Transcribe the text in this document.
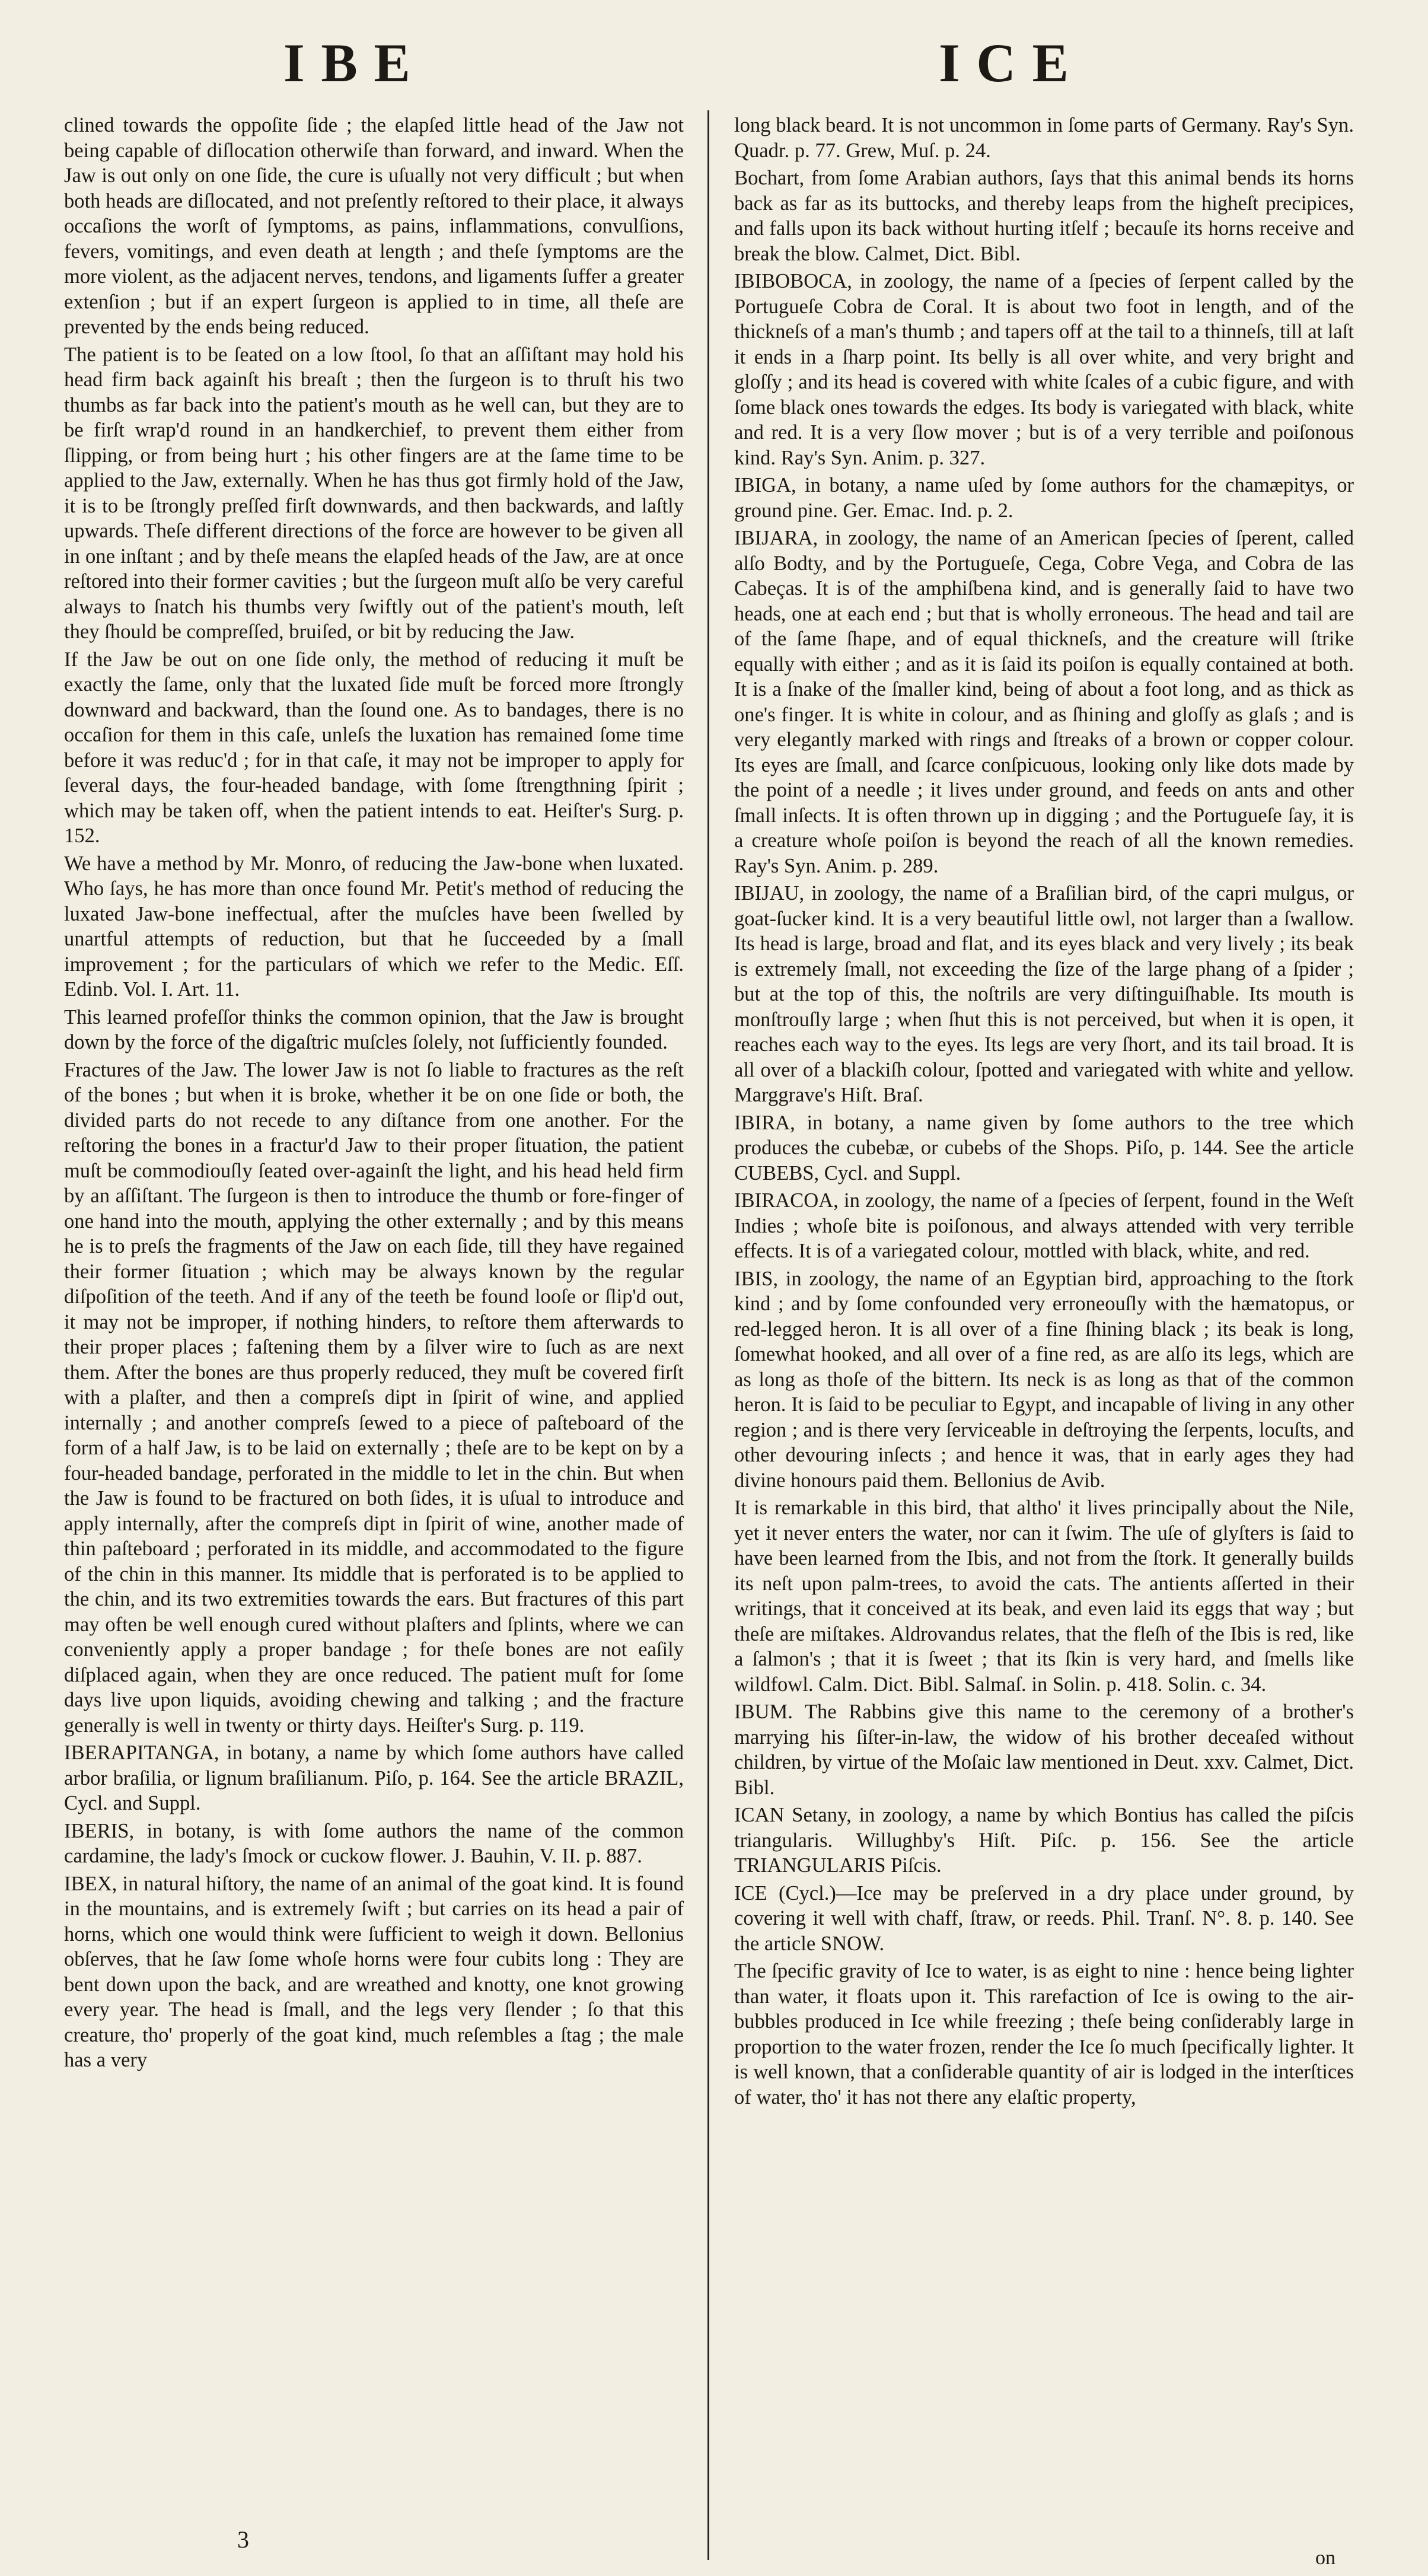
IBE	ICE

clined towards the oppoſite ſide ; the elapſed little head of the Jaw not being capable of diſlocation otherwiſe than forward, and inward. When the Jaw is out only on one ſide, the cure is uſually not very difficult ; but when both heads are diſlocated, and not preſently reſtored to their place, it always occaſions the worſt of ſymptoms, as pains, inflammations, convulſions, fevers, vomitings, and even death at length ; and theſe ſymptoms are the more violent, as the adjacent nerves, tendons, and ligaments ſuffer a greater extenſion ; but if an expert ſurgeon is applied to in time, all theſe are prevented by the ends being reduced.

The patient is to be ſeated on a low ſtool, ſo that an aſſiſtant may hold his head firm back againſt his breaſt ; then the ſurgeon is to thruſt his two thumbs as far back into the patient's mouth as he well can, but they are to be firſt wrap'd round in an handkerchief, to prevent them either from ſlipping, or from being hurt ; his other fingers are at the ſame time to be applied to the Jaw, externally. When he has thus got firmly hold of the Jaw, it is to be ſtrongly preſſed firſt downwards, and then backwards, and laſtly upwards. Theſe different directions of the force are however to be given all in one inſtant ; and by theſe means the elapſed heads of the Jaw, are at once reſtored into their former cavities ; but the ſurgeon muſt alſo be very careful always to ſnatch his thumbs very ſwiftly out of the patient's mouth, leſt they ſhould be compreſſed, bruiſed, or bit by reducing the Jaw.

If the Jaw be out on one ſide only, the method of reducing it muſt be exactly the ſame, only that the luxated ſide muſt be forced more ſtrongly downward and backward, than the ſound one. As to bandages, there is no occaſion for them in this caſe, unleſs the luxation has remained ſome time before it was reduc'd ; for in that caſe, it may not be improper to apply for ſeveral days, the four-headed bandage, with ſome ſtrengthning ſpirit ; which may be taken off, when the patient intends to eat. Heiſter's Surg. p. 152.

We have a method by Mr. Monro, of reducing the Jaw-bone when luxated. Who ſays, he has more than once found Mr. Petit's method of reducing the luxated Jaw-bone ineffectual, after the muſcles have been ſwelled by unartful attempts of reduction, but that he ſucceeded by a ſmall improvement ; for the particulars of which we refer to the Medic. Eſſ. Edinb. Vol. I. Art. 11.

This learned profeſſor thinks the common opinion, that the Jaw is brought down by the force of the digaſtric muſcles ſolely, not ſufficiently founded.

Fractures of the Jaw. The lower Jaw is not ſo liable to fractures as the reſt of the bones ; but when it is broke, whether it be on one ſide or both, the divided parts do not recede to any diſtance from one another. For the reſtoring the bones in a fractur'd Jaw to their proper ſituation, the patient muſt be commodiouſly ſeated over-againſt the light, and his head held firm by an aſſiſtant. The ſurgeon is then to introduce the thumb or fore-finger of one hand into the mouth, applying the other externally ; and by this means he is to preſs the fragments of the Jaw on each ſide, till they have regained their former ſituation ; which may be always known by the regular diſpoſition of the teeth. And if any of the teeth be found looſe or ſlip'd out, it may not be improper, if nothing hinders, to reſtore them afterwards to their proper places ; faſtening them by a ſilver wire to ſuch as are next them. After the bones are thus properly reduced, they muſt be covered firſt with a plaſter, and then a compreſs dipt in ſpirit of wine, and applied internally ; and another compreſs ſewed to a piece of paſteboard of the form of a half Jaw, is to be laid on externally ; theſe are to be kept on by a four-headed bandage, perforated in the middle to let in the chin. But when the Jaw is found to be fractured on both ſides, it is uſual to introduce and apply internally, after the compreſs dipt in ſpirit of wine, another made of thin paſteboard ; perforated in its middle, and accommodated to the figure of the chin in this manner. Its middle that is perforated is to be applied to the chin, and its two extremities towards the ears. But fractures of this part may often be well enough cured without plaſters and ſplints, where we can conveniently apply a proper bandage ; for theſe bones are not eaſily diſplaced again, when they are once reduced. The patient muſt for ſome days live upon liquids, avoiding chewing and talking ; and the fracture generally is well in twenty or thirty days. Heiſter's Surg. p. 119.

IBERAPITANGA, in botany, a name by which ſome authors have called arbor braſilia, or lignum braſilianum. Piſo, p. 164. See the article BRAZIL, Cycl. and Suppl.

IBERIS, in botany, is with ſome authors the name of the common cardamine, the lady's ſmock or cuckow flower. J. Bauhin, V. II. p. 887.

IBEX, in natural hiſtory, the name of an animal of the goat kind. It is found in the mountains, and is extremely ſwift ; but carries on its head a pair of horns, which one would think were ſufficient to weigh it down. Bellonius obſerves, that he ſaw ſome whoſe horns were four cubits long : They are bent down upon the back, and are wreathed and knotty, one knot growing every year. The head is ſmall, and the legs very ſlender ; ſo that this creature, tho' properly of the goat kind, much reſembles a ſtag ; the male has a very

long black beard. It is not uncommon in ſome parts of Germany. Ray's Syn. Quadr. p. 77. Grew, Muſ. p. 24.

Bochart, from ſome Arabian authors, ſays that this animal bends its horns back as far as its buttocks, and thereby leaps from the higheſt precipices, and falls upon its back without hurting itſelf ; becauſe its horns receive and break the blow. Calmet, Dict. Bibl.

IBIBOBOCA, in zoology, the name of a ſpecies of ſerpent called by the Portugueſe Cobra de Coral. It is about two foot in length, and of the thickneſs of a man's thumb ; and tapers off at the tail to a thinneſs, till at laſt it ends in a ſharp point. Its belly is all over white, and very bright and gloſſy ; and its head is covered with white ſcales of a cubic figure, and with ſome black ones towards the edges. Its body is variegated with black, white and red. It is a very ſlow mover ; but is of a very terrible and poiſonous kind. Ray's Syn. Anim. p. 327.

IBIGA, in botany, a name uſed by ſome authors for the chamæpitys, or ground pine. Ger. Emac. Ind. p. 2.

IBIJARA, in zoology, the name of an American ſpecies of ſperent, called alſo Bodty, and by the Portugueſe, Cega, Cobre Vega, and Cobra de las Cabeças. It is of the amphiſbena kind, and is generally ſaid to have two heads, one at each end ; but that is wholly erroneous. The head and tail are of the ſame ſhape, and of equal thickneſs, and the creature will ſtrike equally with either ; and as it is ſaid its poiſon is equally contained at both. It is a ſnake of the ſmaller kind, being of about a foot long, and as thick as one's finger. It is white in colour, and as ſhining and gloſſy as glaſs ; and is very elegantly marked with rings and ſtreaks of a brown or copper colour. Its eyes are ſmall, and ſcarce conſpicuous, looking only like dots made by the point of a needle ; it lives under ground, and feeds on ants and other ſmall inſects. It is often thrown up in digging ; and the Portugueſe ſay, it is a creature whoſe poiſon is beyond the reach of all the known remedies. Ray's Syn. Anim. p. 289.

IBIJAU, in zoology, the name of a Braſilian bird, of the capri mulgus, or goat-ſucker kind. It is a very beautiful little owl, not larger than a ſwallow. Its head is large, broad and flat, and its eyes black and very lively ; its beak is extremely ſmall, not exceeding the ſize of the large phang of a ſpider ; but at the top of this, the noſtrils are very diſtinguiſhable. Its mouth is monſtrouſly large ; when ſhut this is not perceived, but when it is open, it reaches each way to the eyes. Its legs are very ſhort, and its tail broad. It is all over of a blackiſh colour, ſpotted and variegated with white and yellow. Marggrave's Hiſt. Braſ.

IBIRA, in botany, a name given by ſome authors to the tree which produces the cubebæ, or cubebs of the Shops. Piſo, p. 144. See the article CUBEBS, Cycl. and Suppl.

IBIRACOA, in zoology, the name of a ſpecies of ſerpent, found in the Weſt Indies ; whoſe bite is poiſonous, and always attended with very terrible effects. It is of a variegated colour, mottled with black, white, and red.

IBIS, in zoology, the name of an Egyptian bird, approaching to the ſtork kind ; and by ſome confounded very erroneouſly with the hæmatopus, or red-legged heron. It is all over of a fine ſhining black ; its beak is long, ſomewhat hooked, and all over of a fine red, as are alſo its legs, which are as long as thoſe of the bittern. Its neck is as long as that of the common heron. It is ſaid to be peculiar to Egypt, and incapable of living in any other region ; and is there very ſerviceable in deſtroying the ſerpents, locuſts, and other devouring inſects ; and hence it was, that in early ages they had divine honours paid them. Bellonius de Avib.

It is remarkable in this bird, that altho' it lives principally about the Nile, yet it never enters the water, nor can it ſwim. The uſe of glyſters is ſaid to have been learned from the Ibis, and not from the ſtork. It generally builds its neſt upon palm-trees, to avoid the cats. The antients aſſerted in their writings, that it conceived at its beak, and even laid its eggs that way ; but theſe are miſtakes. Aldrovandus relates, that the fleſh of the Ibis is red, like a ſalmon's ; that it is ſweet ; that its ſkin is very hard, and ſmells like wildfowl. Calm. Dict. Bibl. Salmaſ. in Solin. p. 418. Solin. c. 34.

IBUM. The Rabbins give this name to the ceremony of a brother's marrying his ſiſter-in-law, the widow of his brother deceaſed without children, by virtue of the Moſaic law mentioned in Deut. xxv. Calmet, Dict. Bibl.

ICAN Setany, in zoology, a name by which Bontius has called the piſcis triangularis. Willughby's Hiſt. Piſc. p. 156. See the article TRIANGULARIS Piſcis.

ICE (Cycl.)—Ice may be preſerved in a dry place under ground, by covering it well with chaff, ſtraw, or reeds. Phil. Tranſ. N°. 8. p. 140. See the article SNOW.

The ſpecific gravity of Ice to water, is as eight to nine : hence being lighter than water, it floats upon it. This rarefaction of Ice is owing to the air-bubbles produced in Ice while freezing ; theſe being conſiderably large in proportion to the water frozen, render the Ice ſo much ſpecifically lighter. It is well known, that a conſiderable quantity of air is lodged in the interſtices of water, tho' it has not there any elaſtic property,

3
on
